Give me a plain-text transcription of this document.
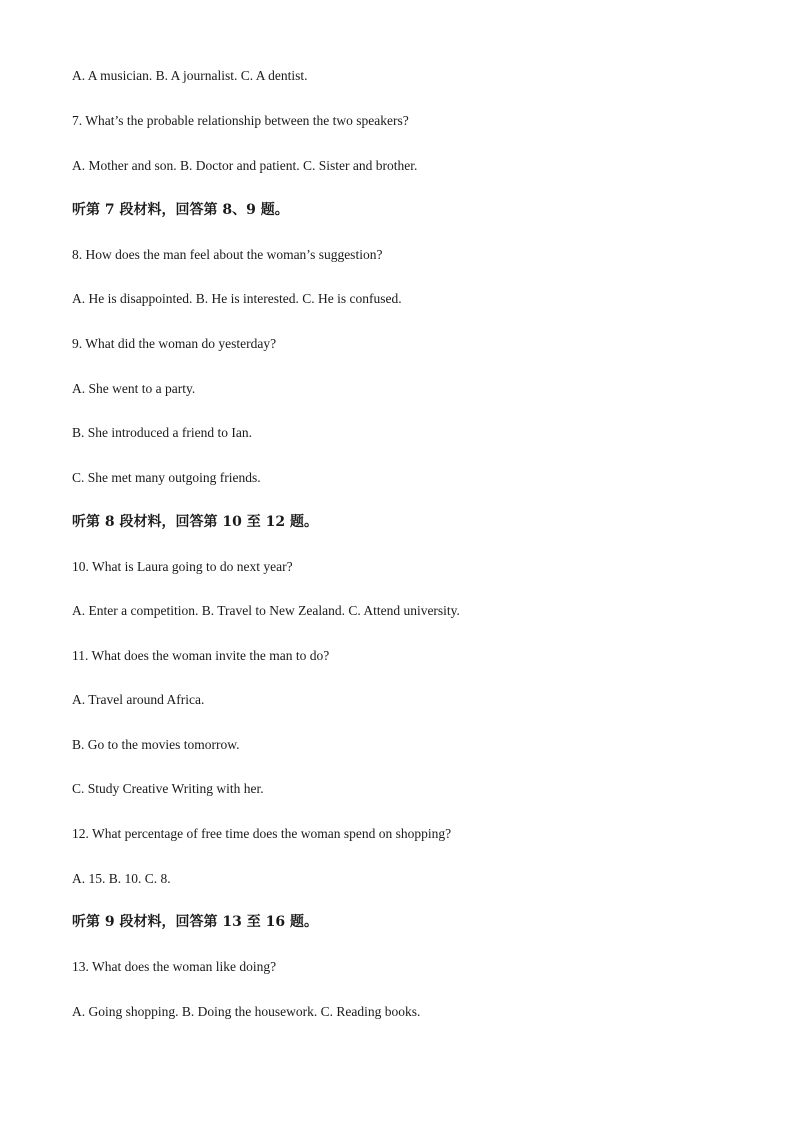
A. A musician. B. A journalist. C. A dentist.
7. What’s the probable relationship between the two speakers?
A. Mother and son. B. Doctor and patient. C. Sister and brother.
听第 7 段材料，回答第 8、9 题。
8. How does the man feel about the woman’s suggestion?
A. He is disappointed. B. He is interested. C. He is confused.
9. What did the woman do yesterday?
A. She went to a party.
B. She introduced a friend to Ian.
C. She met many outgoing friends.
听第 8 段材料，回答第 10 至 12 题。
10. What is Laura going to do next year?
A. Enter a competition. B. Travel to New Zealand. C. Attend university.
11. What does the woman invite the man to do?
A. Travel around Africa.
B. Go to the movies tomorrow.
C. Study Creative Writing with her.
12. What percentage of free time does the woman spend on shopping?
A. 15. B. 10. C. 8.
听第 9 段材料，回答第 13 至 16 题。
13. What does the woman like doing?
A. Going shopping. B. Doing the housework. C. Reading books.
